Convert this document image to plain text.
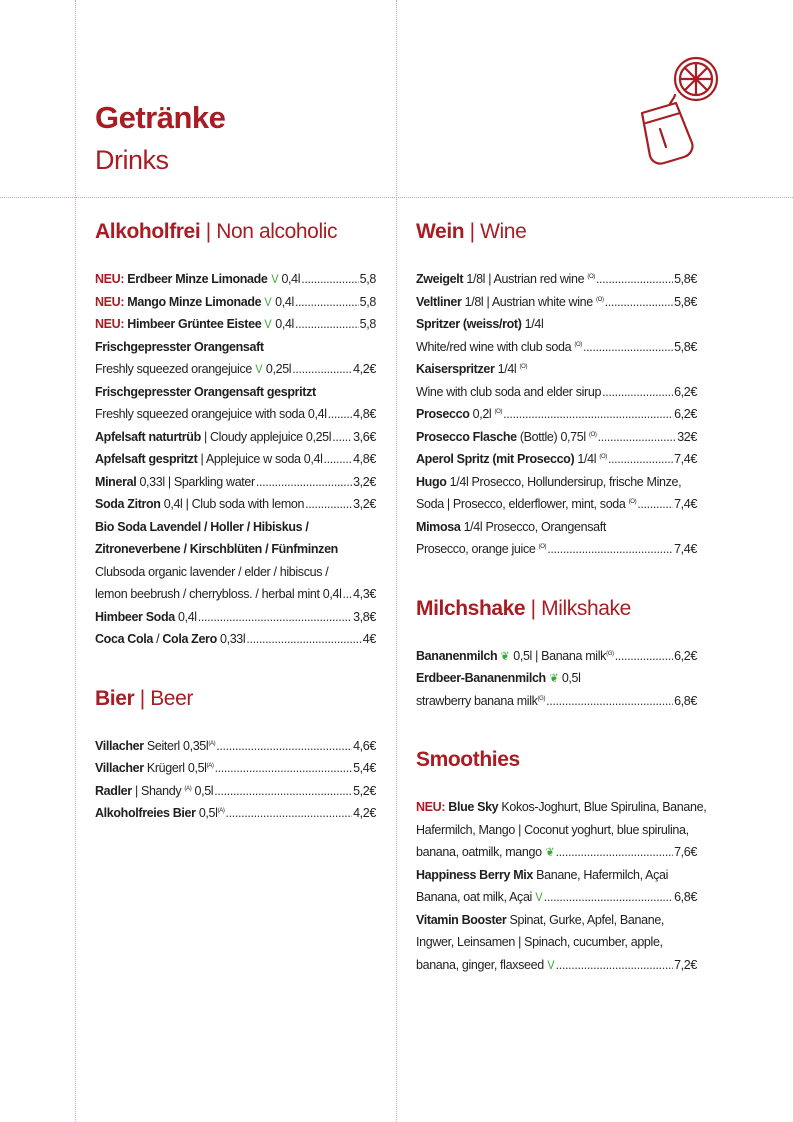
Getränke
Drinks
Alkoholfrei | Non alcoholic
NEU: Erdbeer Minze Limonade V 0,4l .....	5,8
NEU: Mango Minze Limonade V 0,4l .....	5,8
NEU: Himbeer Grüntee Eistee V 0,4l .....	5,8
Frischgepresster Orangensaft
Freshly squeezed orangejuice V 0,25l .....	4,2€
Frischgepresster Orangensaft gespritzt
Freshly squeezed orangejuice with soda 0,4l ..... 4,8€
Apfelsaft naturtrüb | Cloudy applejuice 0,25l ..... 3,6€
Apfelsaft gespritzt | Applejuice w soda 0,4l ..... 4,8€
Mineral 0,33l | Sparkling water .....	3,2€
Soda Zitron 0,4l | Club soda with lemon .....	3,2€
Bio Soda Lavendel / Holler / Hibiskus /
Zitroneverbene / Kirschblüten / Fünfminzen
Clubsoda organic lavender / elder / hibiscus /
lemon beebrush / cherrybloss. / herbal mint 0,4l ..... 4,3€
Himbeer Soda 0,4l .....	3,8€
Coca Cola / Cola Zero 0,33l .....	4€
Bier | Beer
Villacher Seiterl $0,35l^{(A)}$ .....	4,6€
Villacher Krügerl $0,5l^{(A)}$ .....	5,4€
Radler | Shandy $^{(A)}$ 0,5l .....	5,2€
Alkoholfreies Bier $0,5l^{(A)}$ .....	4,2€
Wein | Wine
Zweigelt 1/8l | Austrian red wine $^{(O)}$ .....	5,8€
Veltliner 1/8l | Austrian white wine $^{(O)}$ .....	5,8€
Spritzer (weiss/rot) 1/4l
White/red wine with club soda $^{(O)}$ .....	5,8€
Kaiserspritzer 1/4l $^{(O)}$
Wine with club soda and elder sirup .....	6,2€
Prosecco 0,2l $^{(O)}$ .....	6,2€
Prosecco Flasche (Bottle) 0,75l $^{(O)}$ .....	32€
Aperol Spritz (mit Prosecco) 1/4l $^{(O)}$ .....	7,4€
Hugo 1/4l Prosecco, Hollundersirup, frische Minze,
Soda | Prosecco, elderflower, mint, soda $^{(O)}$ .....	7,4€
Mimosa 1/4l Prosecco, Orangensaft
Prosecco, orange juice $^{(O)}$ .....	7,4€
Milchshake | Milkshake
Bananenmilch ❦ 0,5l | Banana milk$^{(G)}$ .....	6,2€
Erdbeer-Bananenmilch ❦ 0,5l
strawberry banana milk$^{(G)}$ .....	6,8€
Smoothies
NEU: Blue Sky Kokos-Joghurt, Blue Spirulina, Banane,
Hafermilch, Mango | Coconut yoghurt, blue spirulina,
banana, oatmilk, mango ❦ .....	7,6€
Happiness Berry Mix Banane, Hafermilch, Açai
Banana, oat milk, Açai V .....	6,8€
Vitamin Booster Spinat, Gurke, Apfel, Banane,
Ingwer, Leinsamen | Spinach, cucumber, apple,
banana, ginger, flaxseed V .....	7,2€
